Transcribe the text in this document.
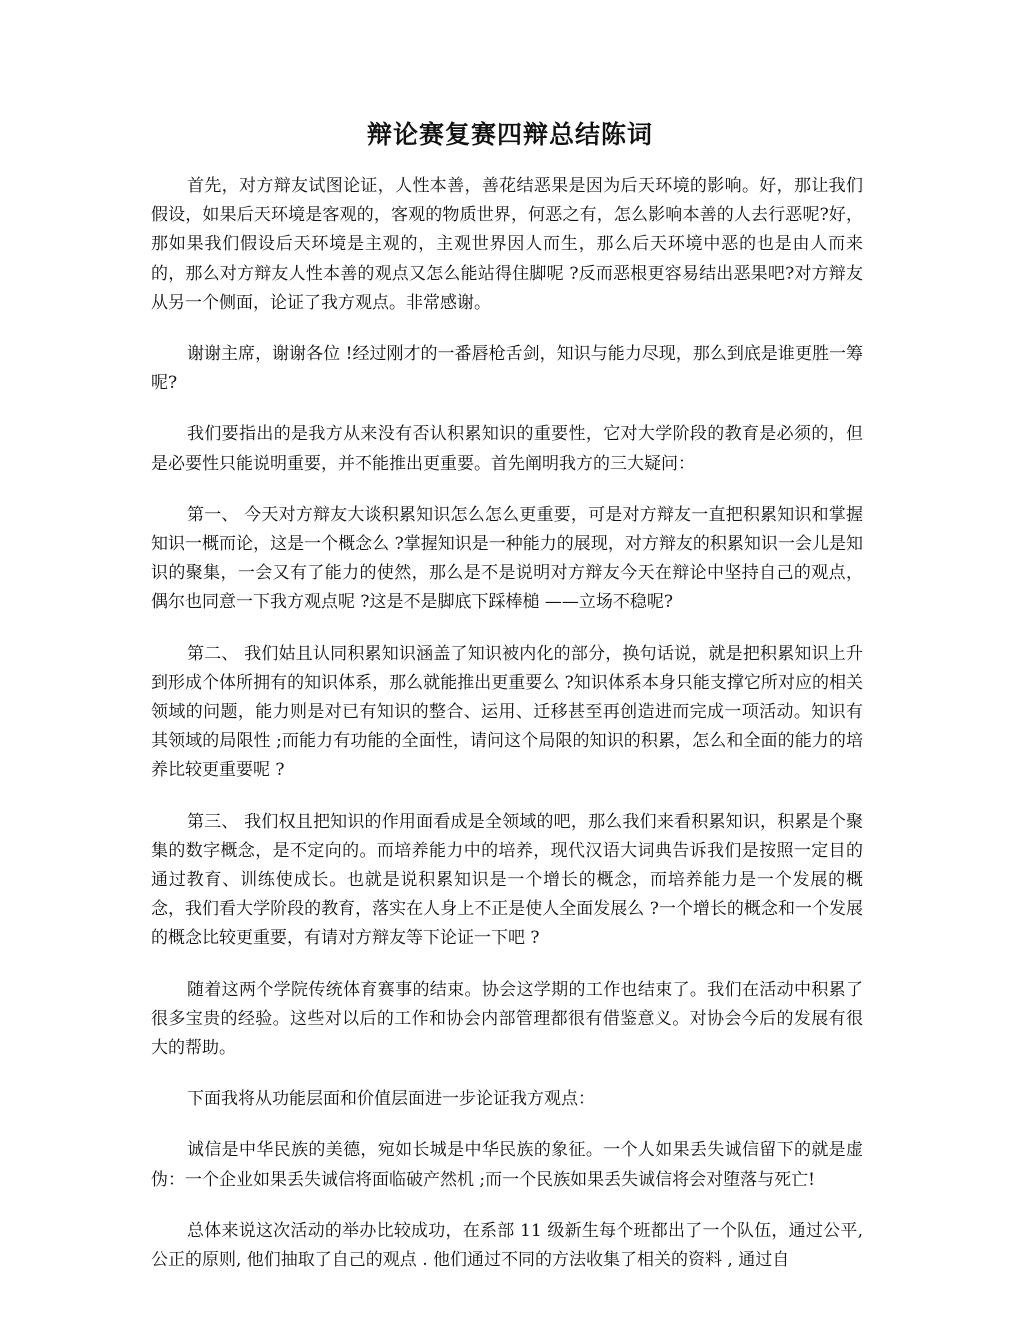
辩论赛复赛四辩总结陈词

首先，对方辩友试图论证，人性本善，善花结恶果是因为后天环境的影响。好，那让我们假设，如果后天环境是客观的，客观的物质世界，何恶之有，怎么影响本善的人去行恶呢?好，那如果我们假设后天环境是主观的，主观世界因人而生，那么后天环境中恶的也是由人而来的，那么对方辩友人性本善的观点又怎么能站得住脚呢 ?反而恶根更容易结出恶果吧?对方辩友从另一个侧面，论证了我方观点。非常感谢。

谢谢主席，谢谢各位 !经过刚才的一番唇枪舌剑，知识与能力尽现，那么到底是谁更胜一筹呢?

我们要指出的是我方从来没有否认积累知识的重要性，它对大学阶段的教育是必须的，但是必要性只能说明重要，并不能推出更重要。首先阐明我方的三大疑问：

第一、 今天对方辩友大谈积累知识怎么怎么更重要，可是对方辩友一直把积累知识和掌握知识一概而论，这是一个概念么 ?掌握知识是一种能力的展现，对方辩友的积累知识一会儿是知识的聚集，一会又有了能力的使然，那么是不是说明对方辩友今天在辩论中坚持自己的观点，偶尔也同意一下我方观点呢 ?这是不是脚底下踩棒槌 ——立场不稳呢?

第二、 我们姑且认同积累知识涵盖了知识被内化的部分，换句话说，就是把积累知识上升到形成个体所拥有的知识体系，那么就能推出更重要么 ?知识体系本身只能支撑它所对应的相关领域的问题，能力则是对已有知识的整合、运用、迁移甚至再创造进而完成一项活动。知识有其领域的局限性 ;而能力有功能的全面性，请问这个局限的知识的积累，怎么和全面的能力的培养比较更重要呢 ?

第三、 我们权且把知识的作用面看成是全领域的吧，那么我们来看积累知识，积累是个聚集的数字概念，是不定向的。而培养能力中的培养，现代汉语大词典告诉我们是按照一定目的通过教育、训练使成长。也就是说积累知识是一个增长的概念，而培养能力是一个发展的概念，我们看大学阶段的教育，落实在人身上不正是使人全面发展么 ?一个增长的概念和一个发展的概念比较更重要，有请对方辩友等下论证一下吧 ?

随着这两个学院传统体育赛事的结束。协会这学期的工作也结束了。我们在活动中积累了很多宝贵的经验。这些对以后的工作和协会内部管理都很有借鉴意义。对协会今后的发展有很大的帮助。

下面我将从功能层面和价值层面进一步论证我方观点：

诚信是中华民族的美德，宛如长城是中华民族的象征。一个人如果丢失诚信留下的就是虚伪：一个企业如果丢失诚信将面临破产然机 ;而一个民族如果丢失诚信将会对堕落与死亡!

总体来说这次活动的举办比较成功，在系部 11 级新生每个班都出了一个队伍，通过公平, 公正的原则, 他们抽取了自己的观点 . 他们通过不同的方法收集了相关的资料 , 通过自
